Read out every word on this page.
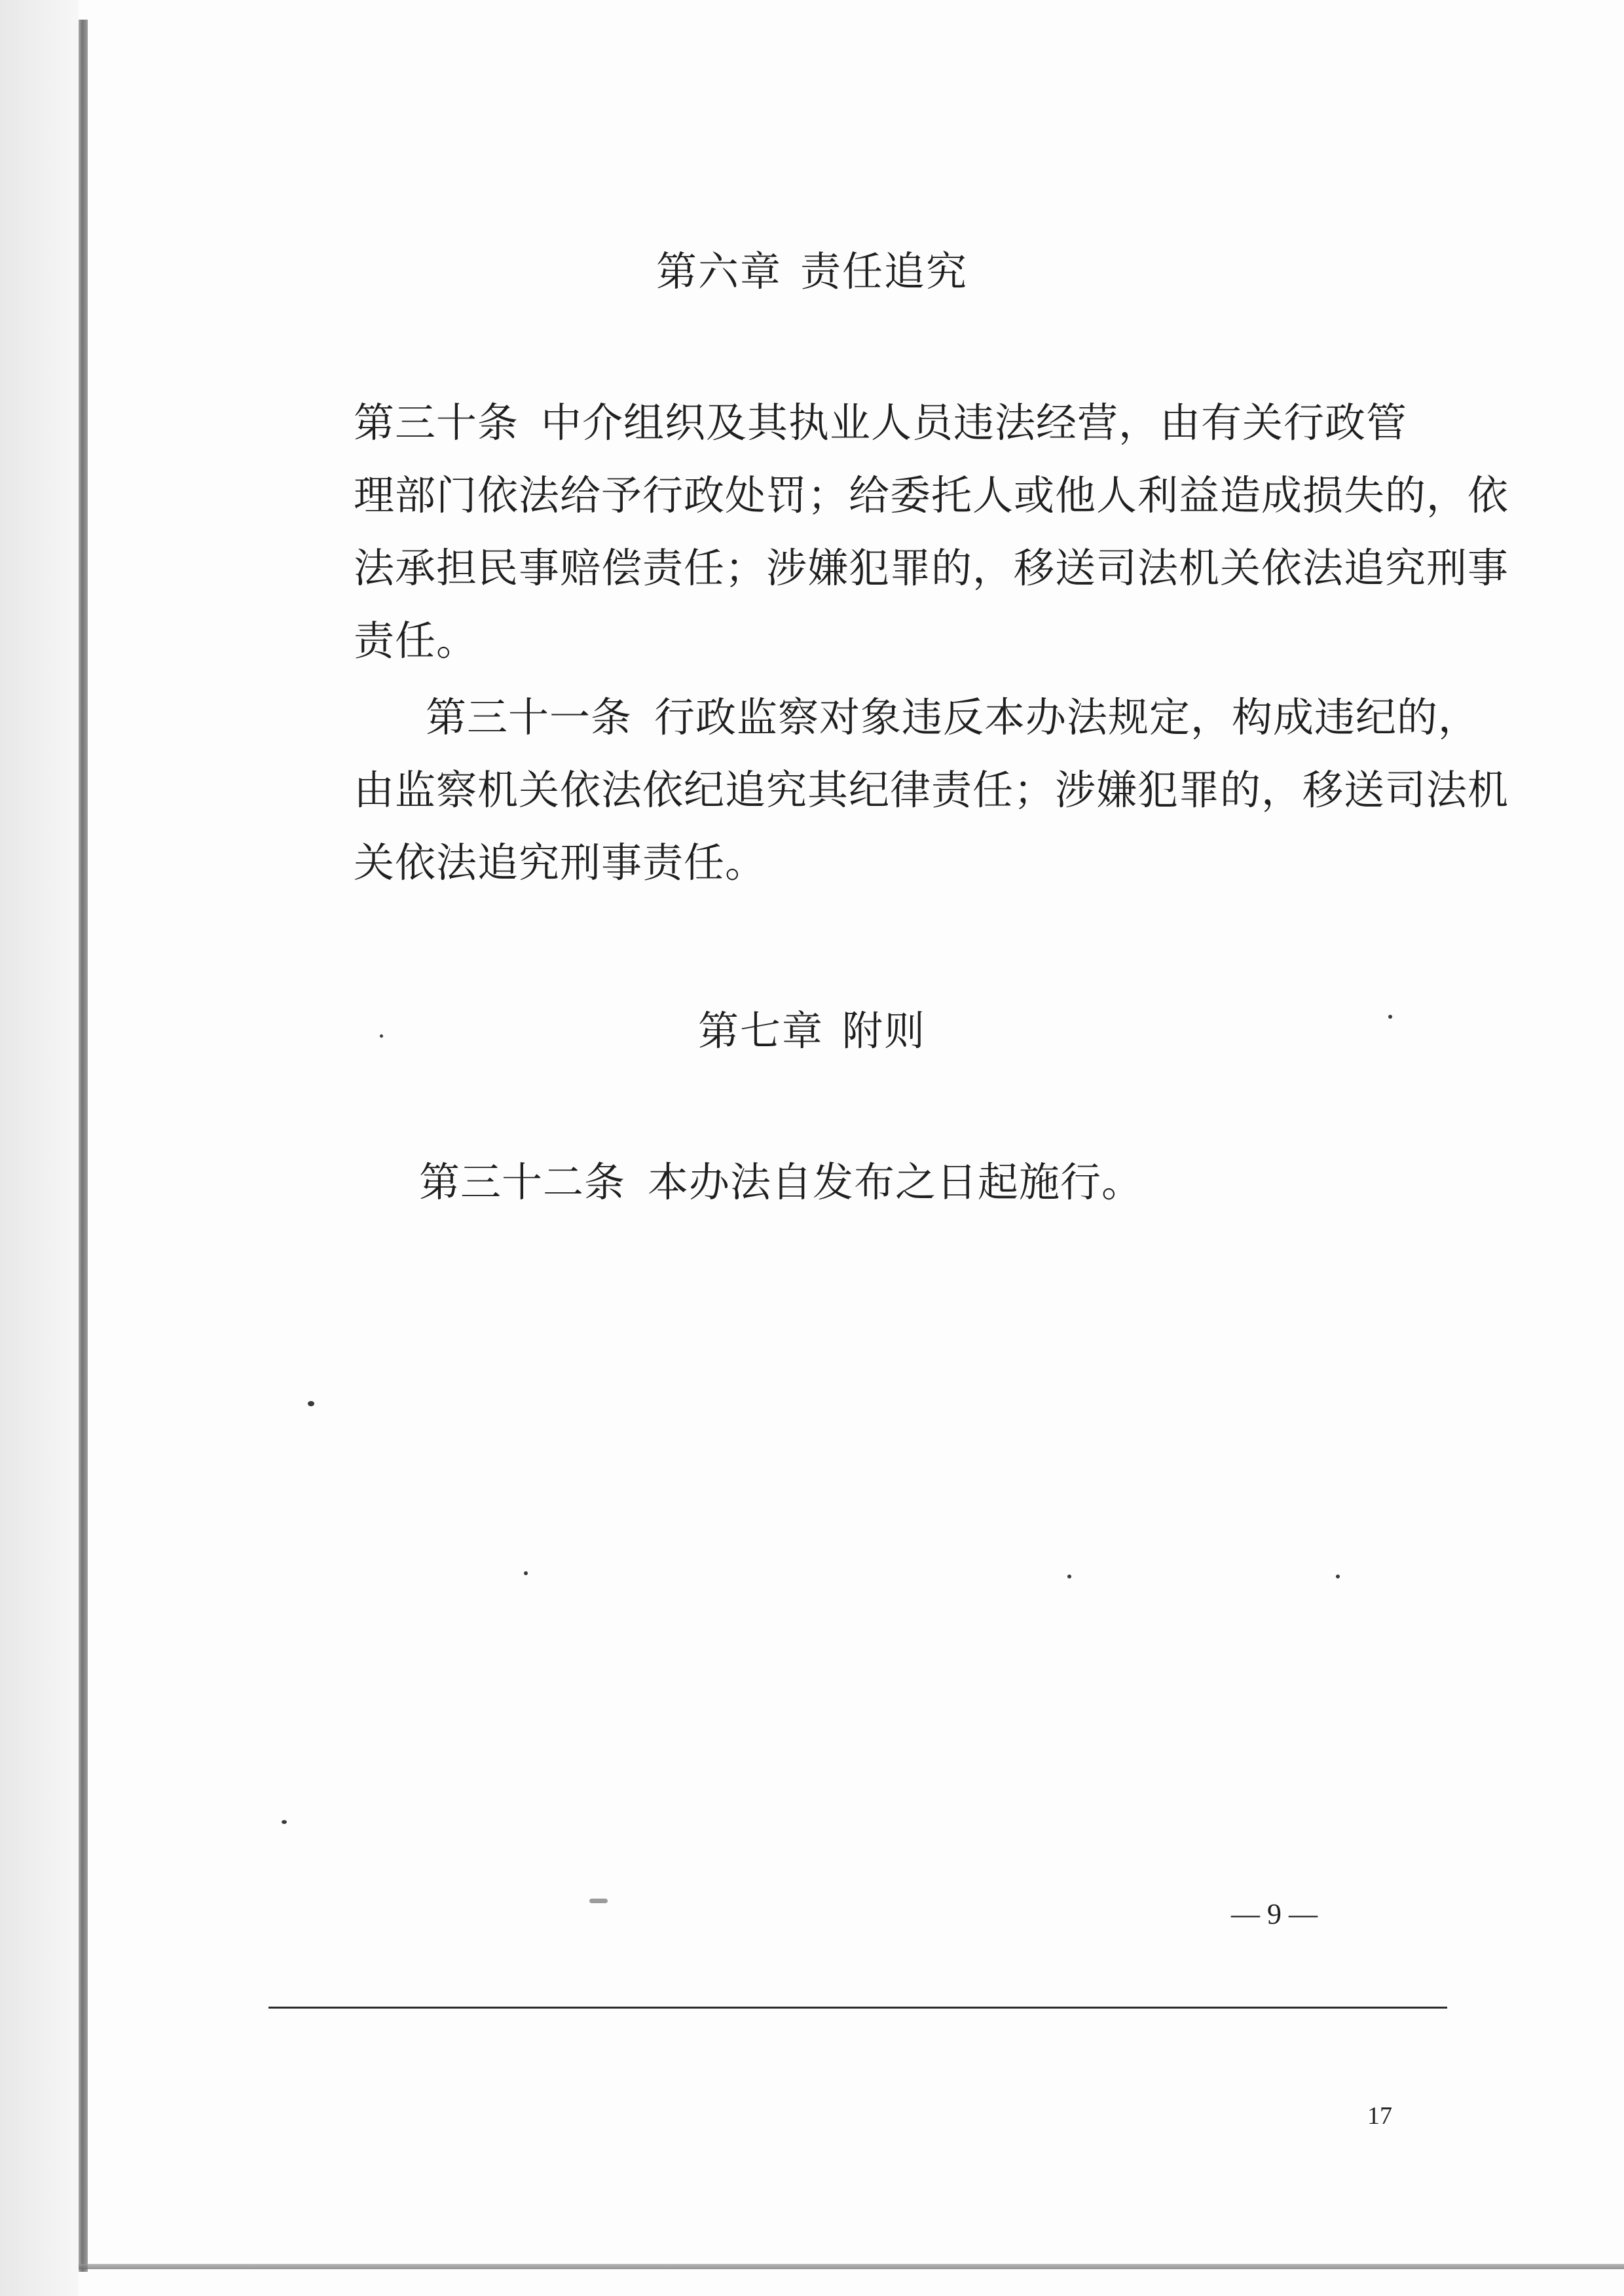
第六章 责任追究
第三十条 中介组织及其执业人员违法经营，由有关行政管
理部门依法给予行政处罚；给委托人或他人利益造成损失的，依
法承担民事赔偿责任；涉嫌犯罪的，移送司法机关依法追究刑事
责任。
第三十一条 行政监察对象违反本办法规定，构成违纪的，
由监察机关依法依纪追究其纪律责任；涉嫌犯罪的，移送司法机
关依法追究刑事责任。
第七章 附则
第三十二条 本办法自发布之日起施行。
— 9 —
17
